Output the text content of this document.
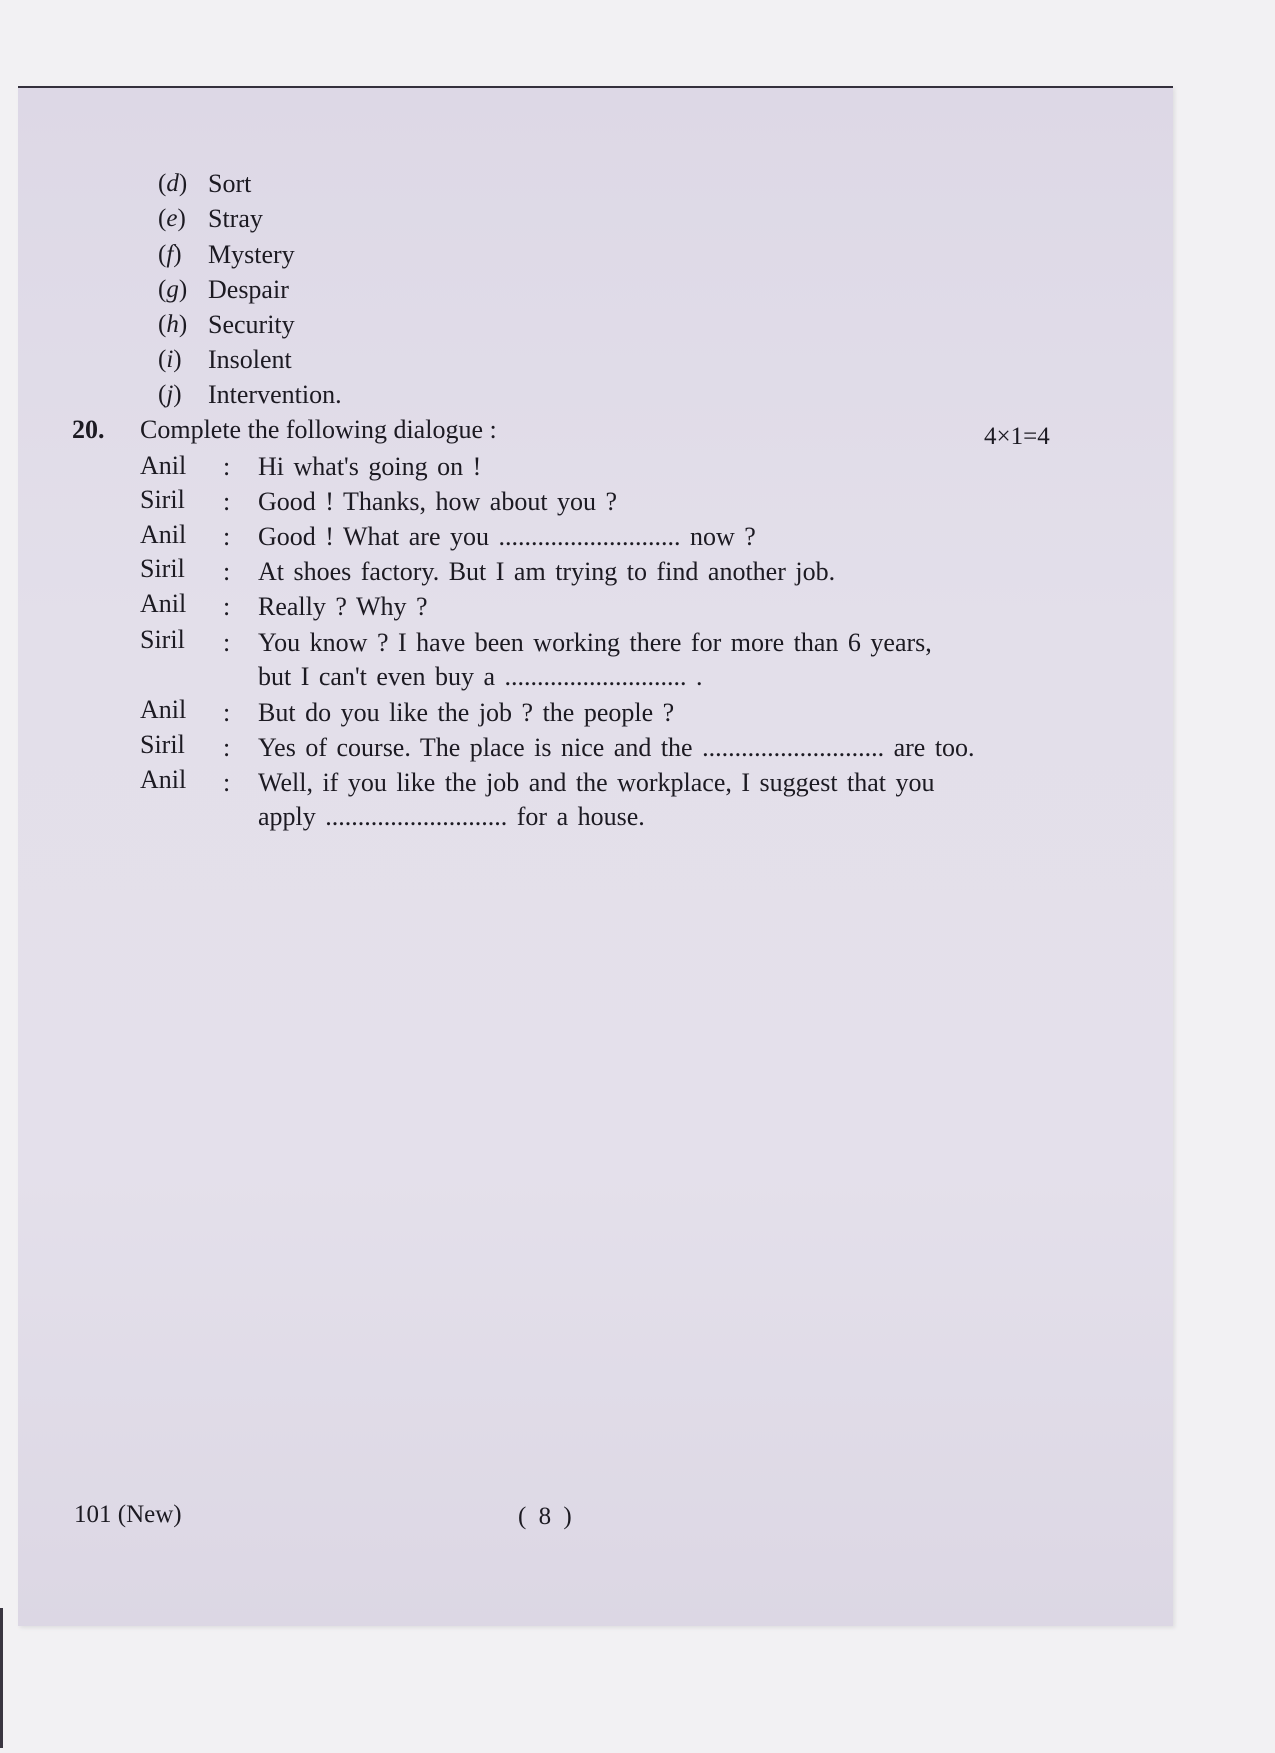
(d) Sort
(e) Stray
(f) Mystery
(g) Despair
(h) Security
(i) Insolent
(j) Intervention.
20. Complete the following dialogue :	4×1=4
Anil : Hi what's going on !
Siril : Good ! Thanks, how about you ?
Anil : Good ! What are you ............................ now ?
Siril : At shoes factory. But I am trying to find another job.
Anil : Really ? Why ?
Siril : You know ? I have been working there for more than 6 years,
but I can't even buy a ............................ .
Anil : But do you like the job ? the people ?
Siril : Yes of course. The place is nice and the ............................ are too.
Anil : Well, if you like the job and the workplace, I suggest that you
apply ............................ for a house.
101 (New)	( 8 )
